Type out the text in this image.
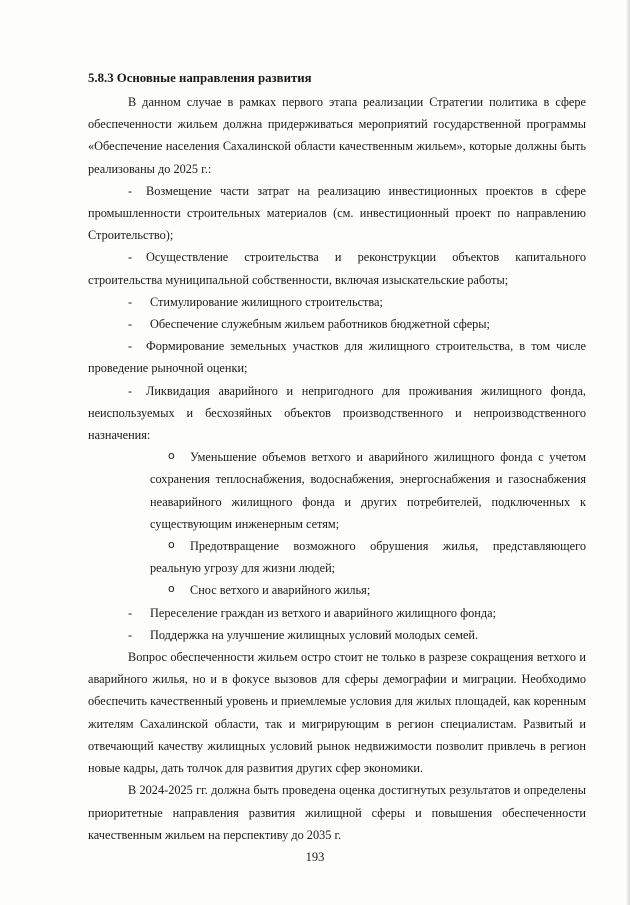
5.8.3 Основные направления развития

В данном случае в рамках первого этапа реализации Стратегии политика в сфере обеспеченности жильем должна придерживаться мероприятий государственной программы «Обеспечение населения Сахалинской области качественным жильем», которые должны быть реализованы до 2025 г.:

- Возмещение части затрат на реализацию инвестиционных проектов в сфере промышленности строительных материалов (см. инвестиционный проект по направлению Строительство);

- Осуществление строительства и реконструкции объектов капитального строительства муниципальной собственности, включая изыскательские работы;

- Стимулирование жилищного строительства;

- Обеспечение служебным жильем работников бюджетной сферы;

- Формирование земельных участков для жилищного строительства, в том числе проведение рыночной оценки;

- Ликвидация аварийного и непригодного для проживания жилищного фонда, неиспользуемых и бесхозяйных объектов производственного и непроизводственного назначения:

o Уменьшение объемов ветхого и аварийного жилищного фонда с учетом сохранения теплоснабжения, водоснабжения, энергоснабжения и газоснабжения неаварийного жилищного фонда и других потребителей, подключенных к существующим инженерным сетям;

o Предотвращение возможного обрушения жилья, представляющего реальную угрозу для жизни людей;

o Снос ветхого и аварийного жилья;

- Переселение граждан из ветхого и аварийного жилищного фонда;

- Поддержка на улучшение жилищных условий молодых семей.

Вопрос обеспеченности жильем остро стоит не только в разрезе сокращения ветхого и аварийного жилья, но и в фокусе вызовов для сферы демографии и миграции. Необходимо обеспечить качественный уровень и приемлемые условия для жилых площадей, как коренным жителям Сахалинской области, так и мигрирующим в регион специалистам. Развитый и отвечающий качеству жилищных условий рынок недвижимости позволит привлечь в регион новые кадры, дать толчок для развития других сфер экономики.

В 2024-2025 гг. должна быть проведена оценка достигнутых результатов и определены приоритетные направления развития жилищной сферы и повышения обеспеченности качественным жильем на перспективу до 2035 г.

193
